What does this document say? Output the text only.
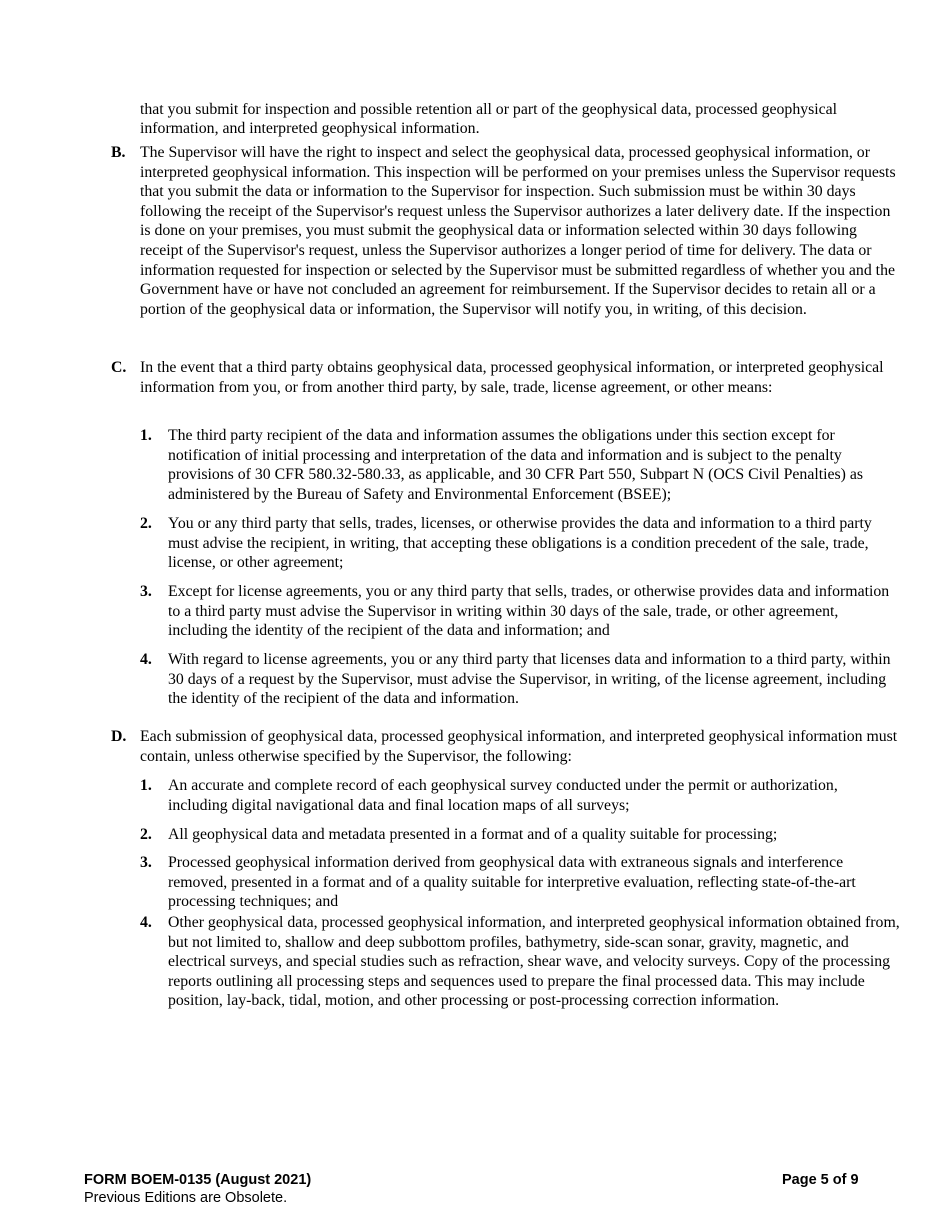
that you submit for inspection and possible retention all or part of the geophysical data, processed geophysical information, and interpreted geophysical information.

B. The Supervisor will have the right to inspect and select the geophysical data, processed geophysical information, or interpreted geophysical information. This inspection will be performed on your premises unless the Supervisor requests that you submit the data or information to the Supervisor for inspection. Such submission must be within 30 days following the receipt of the Supervisor's request unless the Supervisor authorizes a later delivery date. If the inspection is done on your premises, you must submit the geophysical data or information selected within 30 days following receipt of the Supervisor's request, unless the Supervisor authorizes a longer period of time for delivery. The data or information requested for inspection or selected by the Supervisor must be submitted regardless of whether you and the Government have or have not concluded an agreement for reimbursement. If the Supervisor decides to retain all or a portion of the geophysical data or information, the Supervisor will notify you, in writing, of this decision.
C. In the event that a third party obtains geophysical data, processed geophysical information, or interpreted geophysical information from you, or from another third party, by sale, trade, license agreement, or other means:
1. The third party recipient of the data and information assumes the obligations under this section except for notification of initial processing and interpretation of the data and information and is subject to the penalty provisions of 30 CFR 580.32-580.33, as applicable, and 30 CFR Part 550, Subpart N (OCS Civil Penalties) as administered by the Bureau of Safety and Environmental Enforcement (BSEE);
2. You or any third party that sells, trades, licenses, or otherwise provides the data and information to a third party must advise the recipient, in writing, that accepting these obligations is a condition precedent of the sale, trade, license, or other agreement;
3. Except for license agreements, you or any third party that sells, trades, or otherwise provides data and information to a third party must advise the Supervisor in writing within 30 days of the sale, trade, or other agreement, including the identity of the recipient of the data and information; and
4. With regard to license agreements, you or any third party that licenses data and information to a third party, within 30 days of a request by the Supervisor, must advise the Supervisor, in writing, of the license agreement, including the identity of the recipient of the data and information.
D. Each submission of geophysical data, processed geophysical information, and interpreted geophysical information must contain, unless otherwise specified by the Supervisor, the following:
1. An accurate and complete record of each geophysical survey conducted under the permit or authorization, including digital navigational data and final location maps of all surveys;
2. All geophysical data and metadata presented in a format and of a quality suitable for processing;
3. Processed geophysical information derived from geophysical data with extraneous signals and interference removed, presented in a format and of a quality suitable for interpretive evaluation, reflecting state-of-the-art processing techniques; and
4. Other geophysical data, processed geophysical information, and interpreted geophysical information obtained from, but not limited to, shallow and deep subbottom profiles, bathymetry, side-scan sonar, gravity, magnetic, and electrical surveys, and special studies such as refraction, shear wave, and velocity surveys. Copy of the processing reports outlining all processing steps and sequences used to prepare the final processed data. This may include position, lay-back, tidal, motion, and other processing or post-processing correction information.
FORM BOEM-0135 (August 2021)
Previous Editions are Obsolete.
Page 5 of 9
